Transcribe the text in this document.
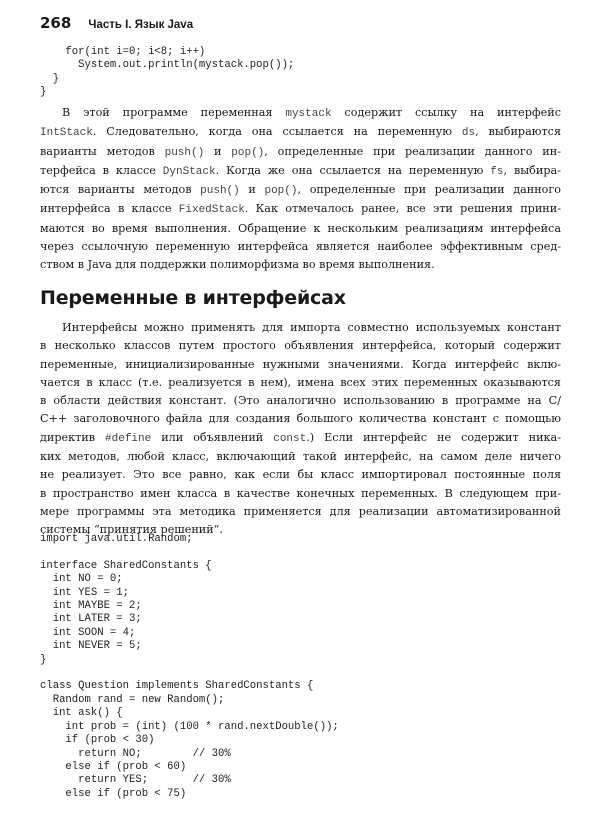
268 Часть I. Язык Java
for(int i=0; i<8; i++)
System.out.println(mystack.pop());
}
}
В этой программе переменная mystack содержит ссылку на интерфейс
IntStack. Следовательно, когда она ссылается на переменную ds, выбираются
варианты методов push() и pop(), определенные при реализации данного ин-
терфейса в классе DynStack. Когда же она ссылается на переменную fs, выбира-
ются варианты методов push() и pop(), определенные при реализации данного
интерфейса в классе FixedStack. Как отмечалось ранее, все эти решения прини-
маются во время выполнения. Обращение к нескольким реализациям интерфейса
через ссылочную переменную интерфейса является наиболее эффективным сред-
ством в Java для поддержки полиморфизма во время выполнения.
Переменные в интерфейсах
Интерфейсы можно применять для импорта совместно используемых констант
в несколько классов путем простого объявления интерфейса, который содержит
переменные, инициализированные нужными значениями. Когда интерфейс вклю-
чается в класс (т.е. реализуется в нем), имена всех этих переменных оказываются
в области действия констант. (Это аналогично использованию в программе на C/
C++ заголовочного файла для создания большого количества констант с помощью
директив #define или объявлений const.) Если интерфейс не содержит ника-
ких методов, любой класс, включающий такой интерфейс, на самом деле ничего
не реализует. Это все равно, как если бы класс импортировал постоянные поля
в пространство имен класса в качестве конечных переменных. В следующем при-
мере программы эта методика применяется для реализации автоматизированной
системы “принятия решений”.
import java.util.Random;

interface SharedConstants {
int NO = 0;
int YES = 1;
int MAYBE = 2;
int LATER = 3;
int SOON = 4;
int NEVER = 5;
}

class Question implements SharedConstants {
Random rand = new Random();
int ask() {
int prob = (int) (100 * rand.nextDouble());
if (prob < 30)
return NO;        // 30%
else if (prob < 60)
return YES;       // 30%
else if (prob < 75)
